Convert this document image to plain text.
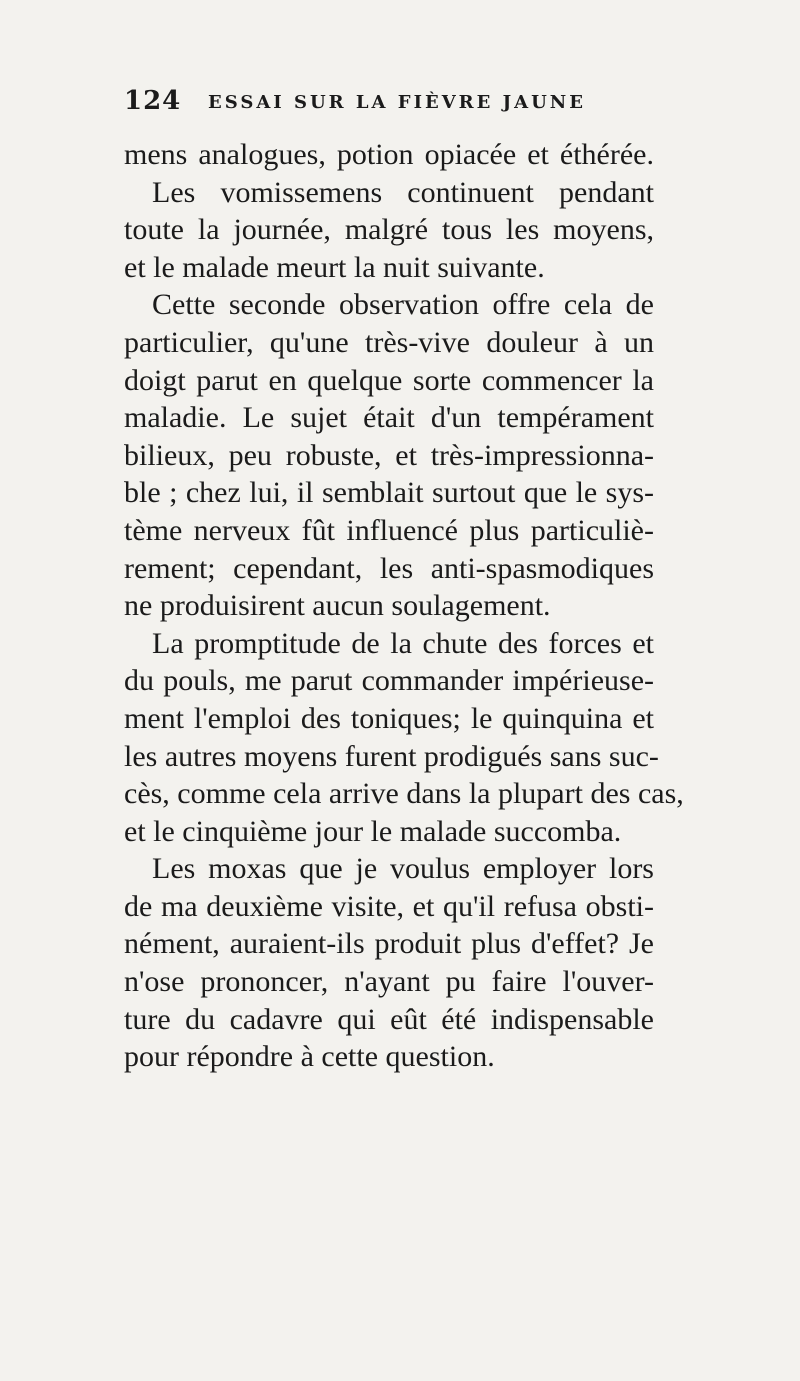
124 ESSAI SUR LA FIÈVRE JAUNE
mens analogues, potion opiacée et éthérée.
Les vomissemens continuent pendant
toute la journée, malgré tous les moyens,
et le malade meurt la nuit suivante.
Cette seconde observation offre cela de
particulier, qu'une très-vive douleur à un
doigt parut en quelque sorte commencer la
maladie. Le sujet était d'un tempérament
bilieux, peu robuste, et très-impressionna-
ble ; chez lui, il semblait surtout que le sys-
tème nerveux fût influencé plus particuliè-
rement; cependant, les anti-spasmodiques
ne produisirent aucun soulagement.
La promptitude de la chute des forces et
du pouls, me parut commander impérieuse-
ment l'emploi des toniques; le quinquina et
les autres moyens furent prodigués sans suc-
cès, comme cela arrive dans la plupart des cas,
et le cinquième jour le malade succomba.
Les moxas que je voulus employer lors
de ma deuxième visite, et qu'il refusa obsti-
nément, auraient-ils produit plus d'effet? Je
n'ose prononcer, n'ayant pu faire l'ouver-
ture du cadavre qui eût été indispensable
pour répondre à cette question.
